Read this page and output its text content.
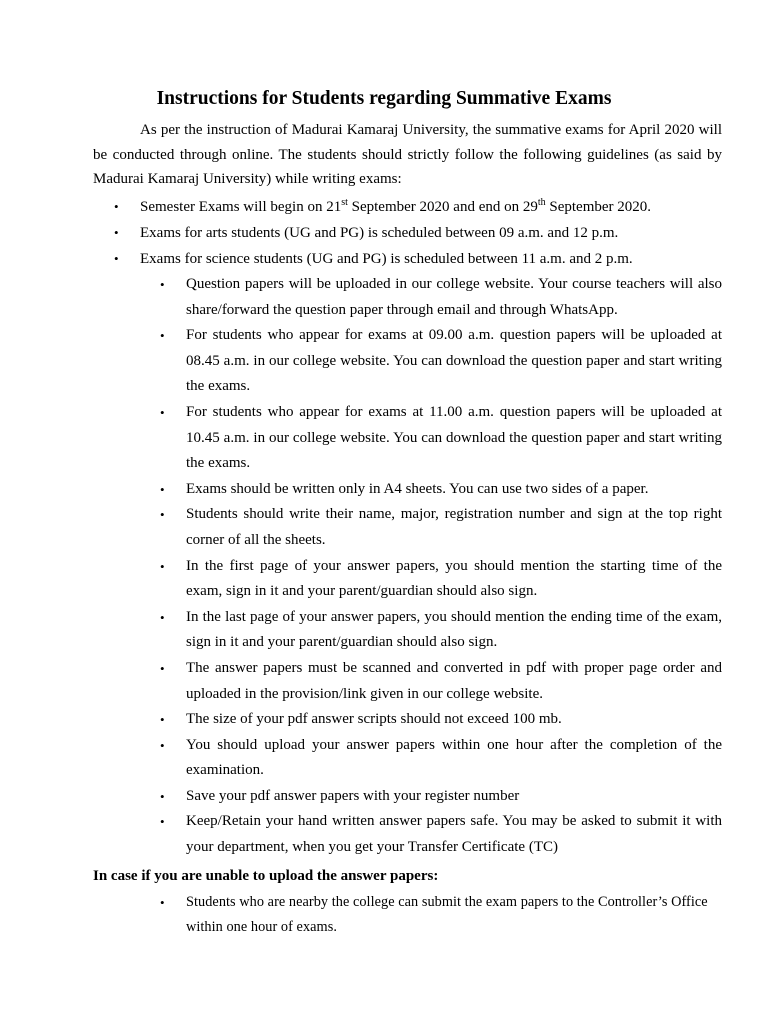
Instructions for Students regarding Summative Exams

As per the instruction of Madurai Kamaraj University, the summative exams for April 2020 will be conducted through online. The students should strictly follow the following guidelines (as said by Madurai Kamaraj University) while writing exams:

• Semester Exams will begin on 21st September 2020 and end on 29th September 2020.
• Exams for arts students (UG and PG) is scheduled between 09 a.m. and 12 p.m.
• Exams for science students (UG and PG) is scheduled between 11 a.m. and 2 p.m.
• Question papers will be uploaded in our college website. Your course teachers will also share/forward the question paper through email and through WhatsApp.
• For students who appear for exams at 09.00 a.m. question papers will be uploaded at 08.45 a.m. in our college website. You can download the question paper and start writing the exams.
• For students who appear for exams at 11.00 a.m. question papers will be uploaded at 10.45 a.m. in our college website. You can download the question paper and start writing the exams.
• Exams should be written only in A4 sheets. You can use two sides of a paper.
• Students should write their name, major, registration number and sign at the top right corner of all the sheets.
• In the first page of your answer papers, you should mention the starting time of the exam, sign in it and your parent/guardian should also sign.
• In the last page of your answer papers, you should mention the ending time of the exam, sign in it and your parent/guardian should also sign.
• The answer papers must be scanned and converted in pdf with proper page order and uploaded in the provision/link given in our college website.
• The size of your pdf answer scripts should not exceed 100 mb.
• You should upload your answer papers within one hour after the completion of the examination.
• Save your pdf answer papers with your register number
• Keep/Retain your hand written answer papers safe. You may be asked to submit it with your department, when you get your Transfer Certificate (TC)
In case if you are unable to upload the answer papers:
• Students who are nearby the college can submit the exam papers to the Controller’s Office within one hour of exams.
